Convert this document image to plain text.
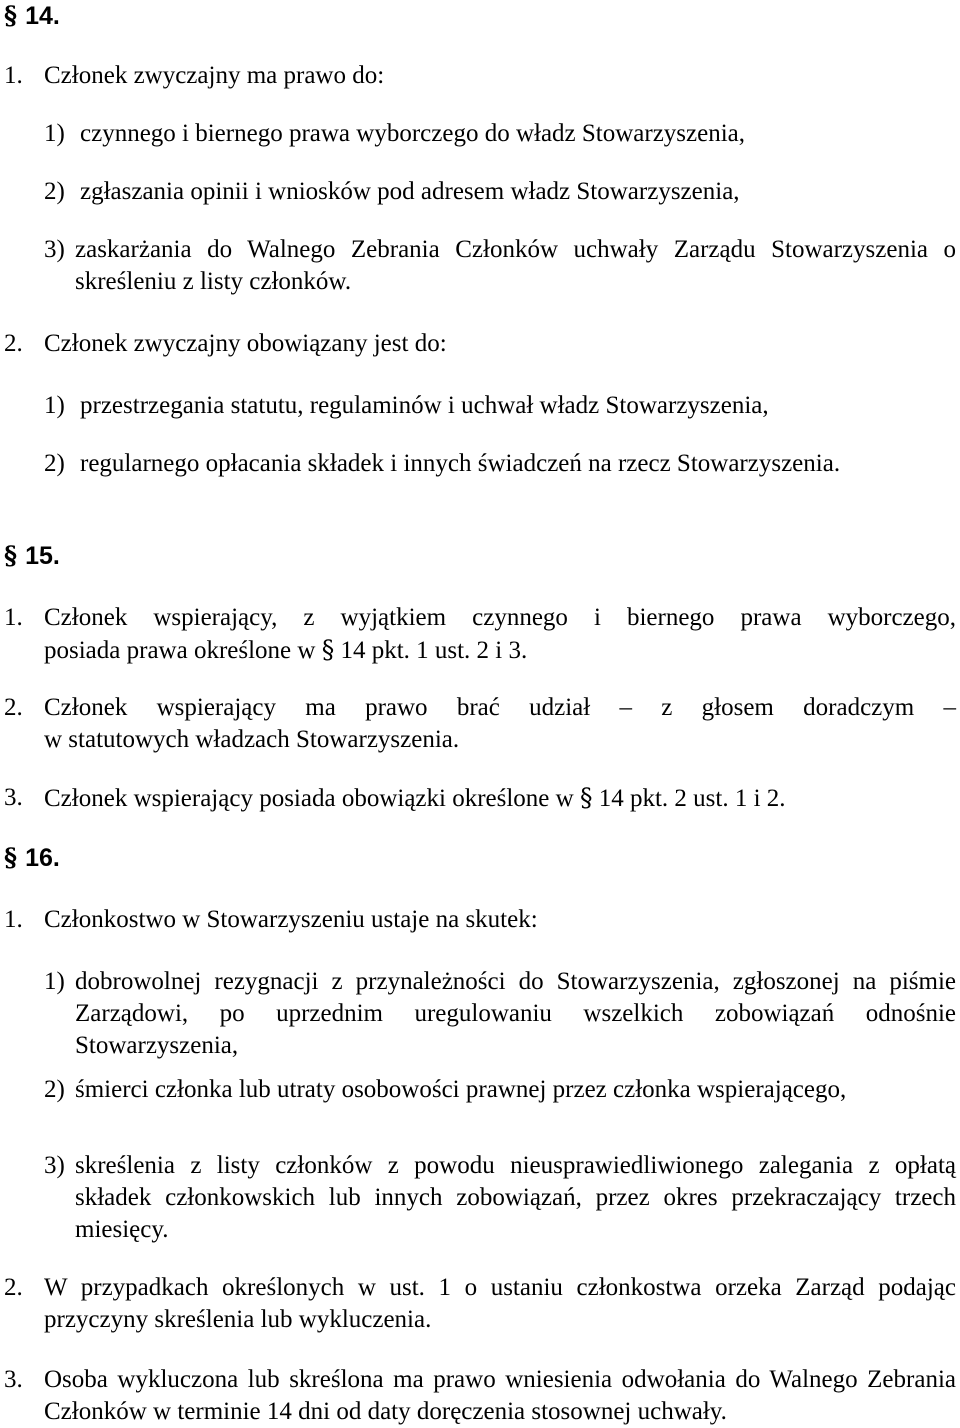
§ 14.
1. Członek zwyczajny ma prawo do:
1) czynnego i biernego prawa wyborczego do władz Stowarzyszenia,
2) zgłaszania opinii i wniosków pod adresem władz Stowarzyszenia,
3) zaskarżania do Walnego Zebrania Członków uchwały Zarządu Stowarzyszenia o skreśleniu z listy członków.
2. Członek zwyczajny obowiązany jest do:
1) przestrzegania statutu, regulaminów i uchwał władz Stowarzyszenia,
2) regularnego opłacania składek i innych świadczeń na rzecz Stowarzyszenia.
§ 15.
1. Członek wspierający, z wyjątkiem czynnego i biernego prawa wyborczego,
posiada prawa określone w § 14 pkt. 1 ust. 2 i 3.
2. Członek wspierający ma prawo brać udział – z głosem doradczym –
w statutowych władzach Stowarzyszenia.
3. Członek wspierający posiada obowiązki określone w § 14 pkt. 2 ust. 1 i 2.
§ 16.
1. Członkostwo w Stowarzyszeniu ustaje na skutek:
1) dobrowolnej rezygnacji z przynależności do Stowarzyszenia, zgłoszonej na piśmie Zarządowi, po uprzednim uregulowaniu wszelkich zobowiązań odnośnie Stowarzyszenia,
2) śmierci członka lub utraty osobowości prawnej przez członka wspierającego,
3) skreślenia z listy członków z powodu nieusprawiedliwionego zalegania z opłatą składek członkowskich lub innych zobowiązań, przez okres przekraczający trzech miesięcy.
2. W przypadkach określonych w ust. 1 o ustaniu członkostwa orzeka Zarząd podając przyczyny skreślenia lub wykluczenia.
3. Osoba wykluczona lub skreślona ma prawo wniesienia odwołania do Walnego Zebrania Członków w terminie 14 dni od daty doręczenia stosownej uchwały.
